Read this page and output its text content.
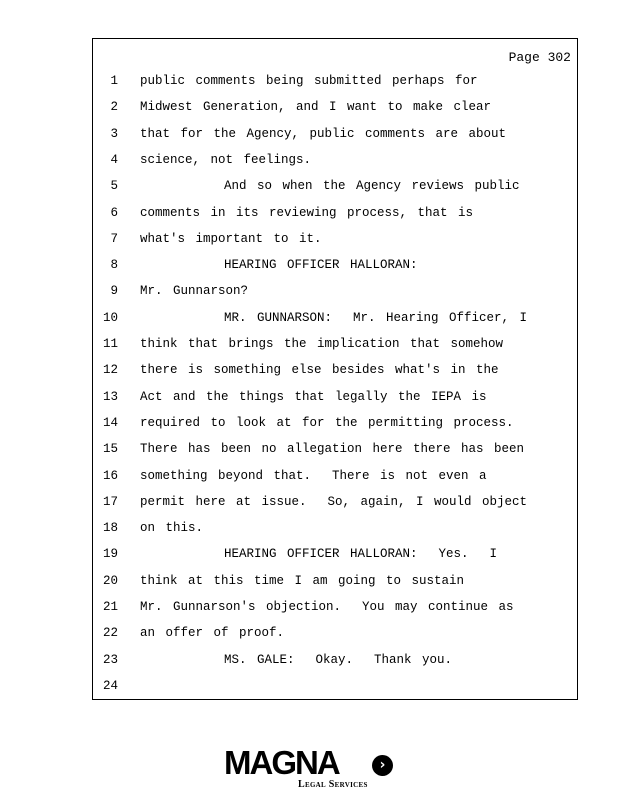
Page 302
1 public comments being submitted perhaps for
2 Midwest Generation, and I want to make clear
3 that for the Agency, public comments are about
4 science, not feelings.
5 And so when the Agency reviews public
6 comments in its reviewing process, that is
7 what's important to it.
8 HEARING OFFICER HALLORAN:
9 Mr. Gunnarson?
10 MR. GUNNARSON:  Mr. Hearing Officer, I
11 think that brings the implication that somehow
12 there is something else besides what's in the
13 Act and the things that legally the IEPA is
14 required to look at for the permitting process.
15 There has been no allegation here there has been
16 something beyond that.  There is not even a
17 permit here at issue.  So, again, I would object
18 on this.
19 HEARING OFFICER HALLORAN:  Yes.  I
20 think at this time I am going to sustain
21 Mr. Gunnarson's objection.  You may continue as
22 an offer of proof.
23 MS. GALE:  Okay.  Thank you.
24
MAGNA	›
Legal Services
